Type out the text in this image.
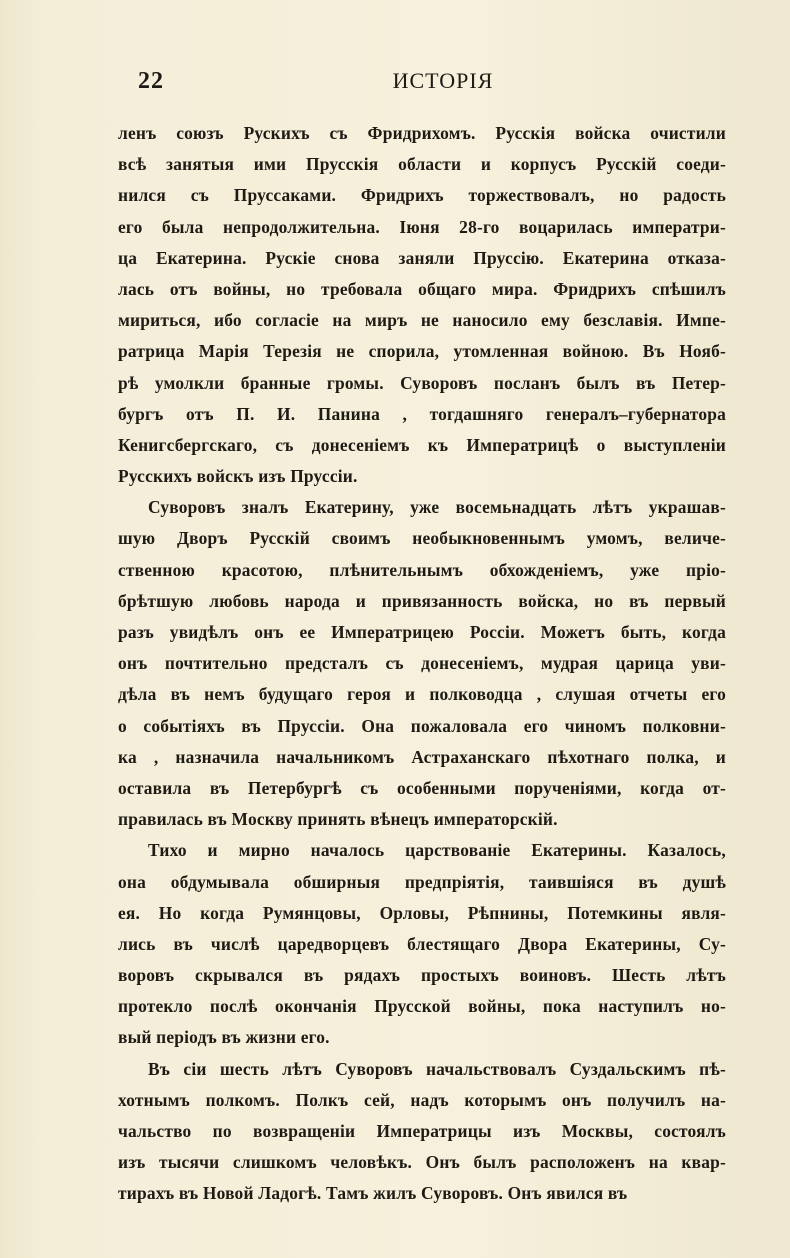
22	ИСТОРІЯ
ленъ союзъ Рускихъ съ Фридрихомъ. Русскія войска очистили
всѣ занятыя ими Прусскія области и корпусъ Русскій соеди-
нился съ Пруссаками. Фридрихъ торжествовалъ, но радость
его была непродолжительна. Іюня 28-го воцарилась императри-
ца Екатерина. Рускіе снова заняли Пруссію. Екатерина отказа-
лась отъ войны, но требовала общаго мира. Фридрихъ спѣшилъ
мириться, ибо согласіе на миръ не наносило ему безславія. Импе-
ратрица Марія Терезія не спорила, утомленная войною. Въ Нояб-
рѣ умолкли бранные громы. Суворовъ посланъ былъ въ Петер-
бургъ отъ П. И. Панина , тогдашняго генералъ–губернатора
Кенигсбергскаго, съ донесеніемъ къ Императрицѣ о выступленіи
Русскихъ войскъ изъ Пруссіи.
Суворовъ зналъ Екатерину, уже восемьнадцать лѣтъ украшав-
шую Дворъ Русскій своимъ необыкновеннымъ умомъ, величе-
ственною красотою, плѣнительнымъ обхожденіемъ, уже пріо-
брѣтшую любовь народа и привязанность войска, но въ первый
разъ увидѣлъ онъ ее Императрицею Россіи. Можетъ быть, когда
онъ почтительно предсталъ съ донесеніемъ, мудрая царица уви-
дѣла въ немъ будущаго героя и полководца , слушая отчеты его
о событіяхъ въ Пруссіи. Она пожаловала его чиномъ полковни-
ка , назначила начальникомъ Астраханскаго пѣхотнаго полка, и
оставила въ Петербургѣ съ особенными порученіями, когда от-
правилась въ Москву принять вѣнецъ императорскій.
Тихо и мирно началось царствованіе Екатерины. Казалось,
она обдумывала обширныя предпріятія, таившіяся въ душѣ
ея. Но когда Румянцовы, Орловы, Рѣпнины, Потемкины явля-
лись въ числѣ царедворцевъ блестящаго Двора Екатерины, Су-
воровъ скрывался въ рядахъ простыхъ воиновъ. Шесть лѣтъ
протекло послѣ окончанія Прусской войны, пока наступилъ но-
вый періодъ въ жизни его.
Въ сіи шесть лѣтъ Суворовъ начальствовалъ Суздальскимъ пѣ-
хотнымъ полкомъ. Полкъ сей, надъ которымъ онъ получилъ на-
чальство по возвращеніи Императрицы изъ Москвы, состоялъ
изъ тысячи слишкомъ человѣкъ. Онъ былъ расположенъ на квар-
тирахъ въ Новой Ладогѣ. Тамъ жилъ Суворовъ. Онъ явился въ
